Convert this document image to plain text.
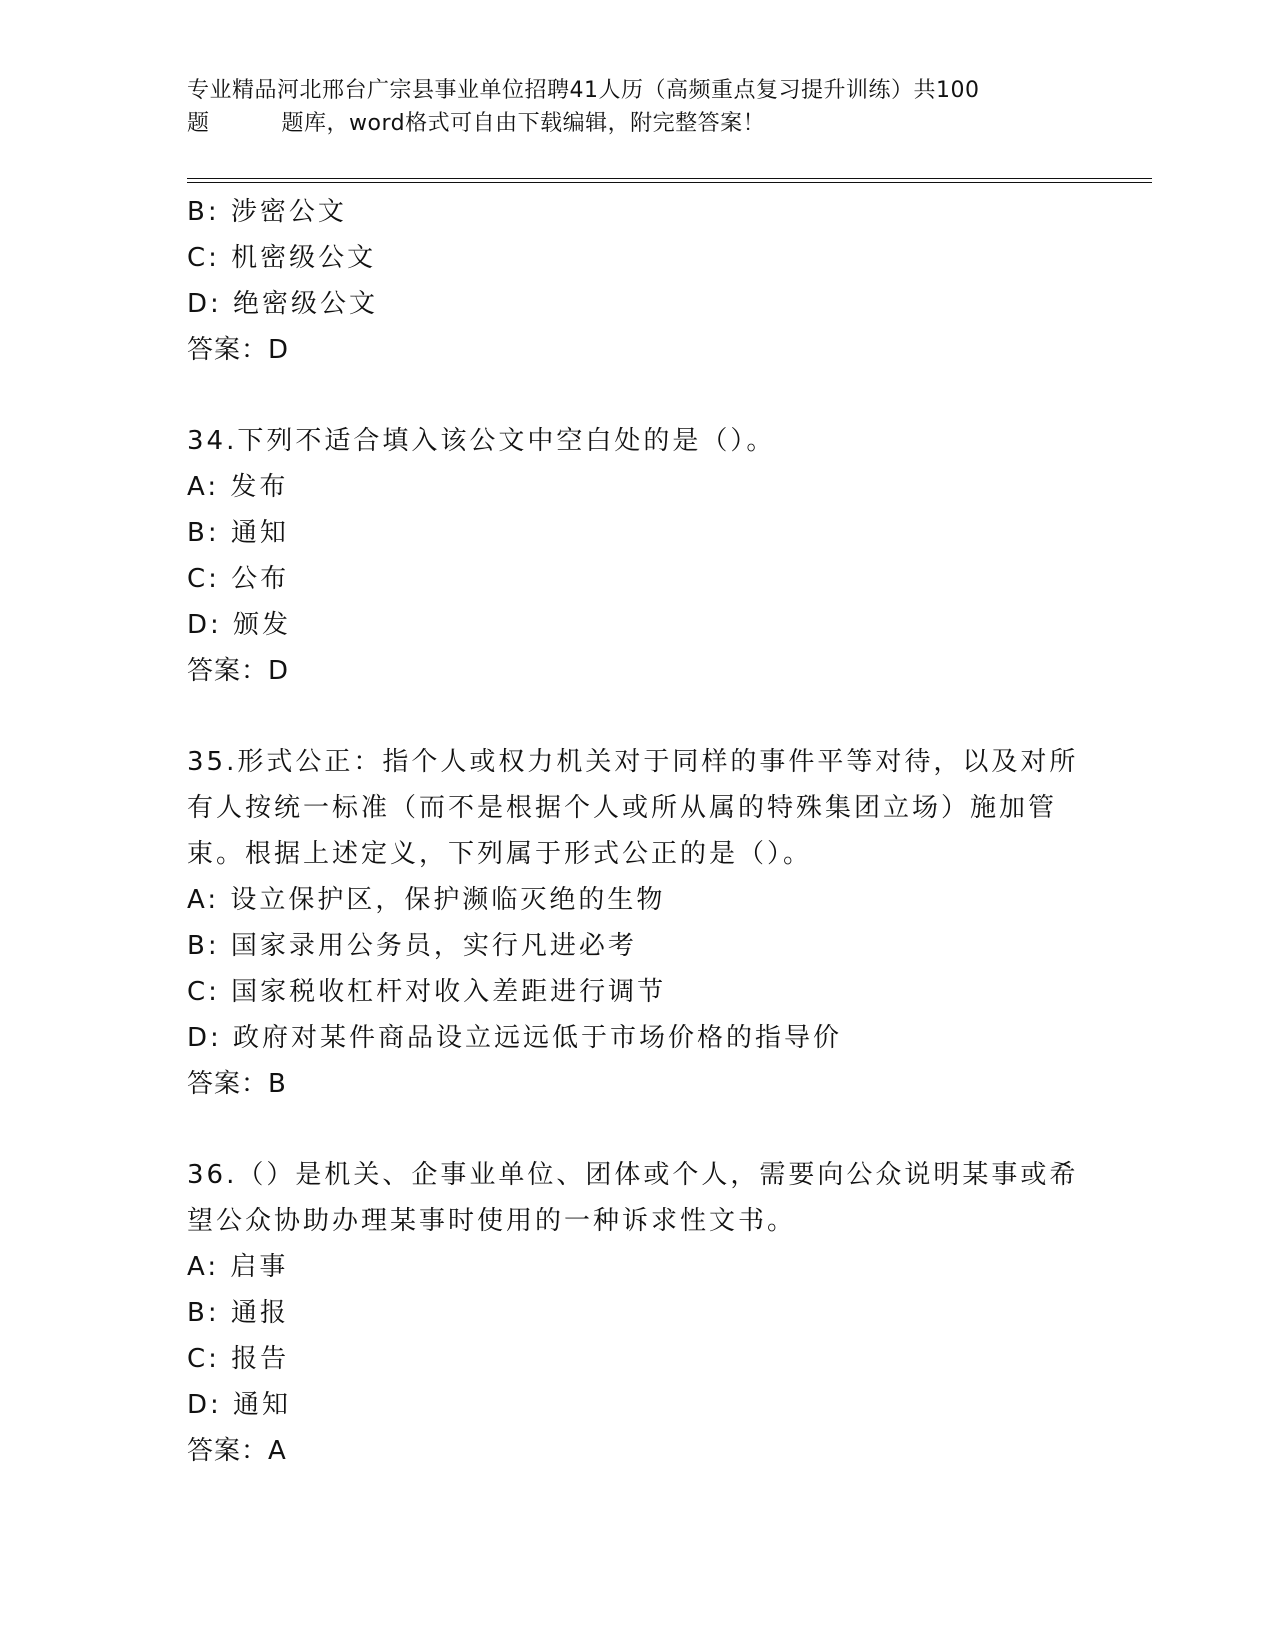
专业精品河北邢台广宗县事业单位招聘41人历（高频重点复习提升训练）共100
题	题库，word格式可自由下载编辑，附完整答案！
B: 涉密公文
C: 机密级公文
D: 绝密级公文
答案：D
34.下列不适合填入该公文中空白处的是（）。
A: 发布
B: 通知
C: 公布
D: 颁发
答案：D
35.形式公正：指个人或权力机关对于同样的事件平等对待，以及对所
有人按统一标准（而不是根据个人或所从属的特殊集团立场）施加管
束。根据上述定义，下列属于形式公正的是（）。
A: 设立保护区，保护濒临灭绝的生物
B: 国家录用公务员，实行凡进必考
C: 国家税收杠杆对收入差距进行调节
D: 政府对某件商品设立远远低于市场价格的指导价
答案：B
36.（）是机关、企事业单位、团体或个人，需要向公众说明某事或希
望公众协助办理某事时使用的一种诉求性文书。
A: 启事
B: 通报
C: 报告
D: 通知
答案：A
